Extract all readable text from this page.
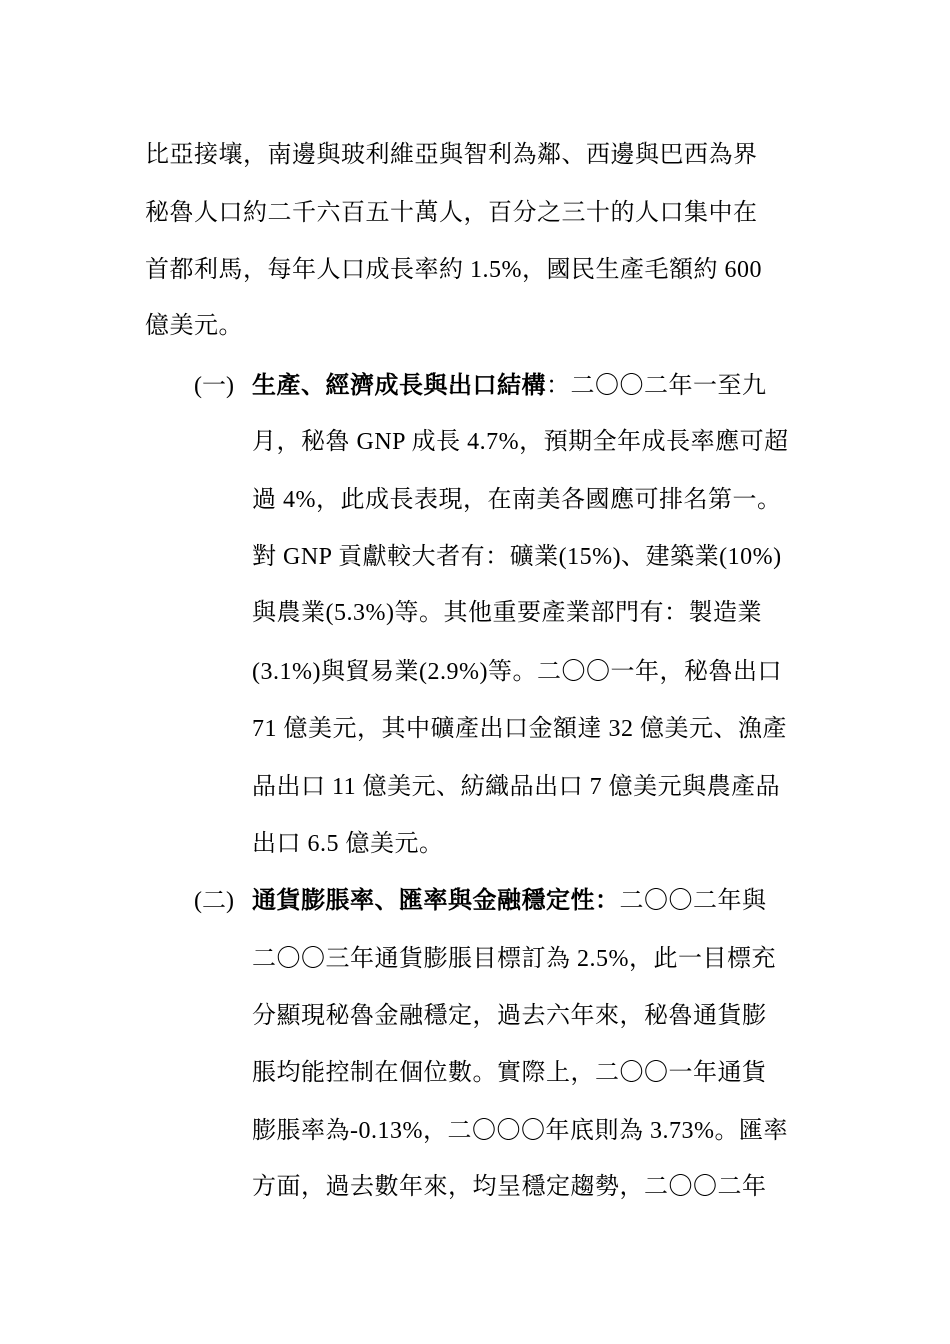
比亞接壤，南邊與玻利維亞與智利為鄰、西邊與巴西為界
秘魯人口約二千六百五十萬人，百分之三十的人口集中在
首都利馬，每年人口成長率約 1.5%，國民生產毛額約 600
億美元。
(一) 生產、經濟成長與出口結構：二〇〇二年一至九
月，秘魯 GNP 成長 4.7%，預期全年成長率應可超
過 4%，此成長表現，在南美各國應可排名第一。
對 GNP 貢獻較大者有：礦業(15%)、建築業(10%)
與農業(5.3%)等。其他重要產業部門有：製造業
(3.1%)與貿易業(2.9%)等。二〇〇一年，秘魯出口
71 億美元，其中礦產出口金額達 32 億美元、漁產
品出口 11 億美元、紡織品出口 7 億美元與農產品
出口 6.5 億美元。
(二) 通貨膨脹率、匯率與金融穩定性：二〇〇二年與
二〇〇三年通貨膨脹目標訂為 2.5%，此一目標充
分顯現秘魯金融穩定，過去六年來，秘魯通貨膨
脹均能控制在個位數。實際上，二〇〇一年通貨
膨脹率為-0.13%，二〇〇〇年底則為 3.73%。匯率
方面，過去數年來，均呈穩定趨勢，二〇〇二年
